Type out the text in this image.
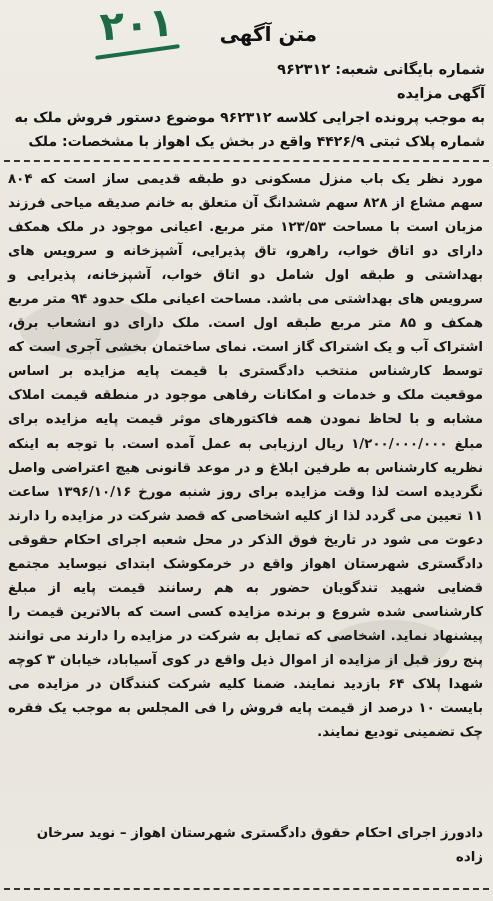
۲۰۱ متن آگهی
شماره بایگانی شعبه: ۹۶۲۳۱۲
آگهی مزایده
به موجب پرونده اجرایی کلاسه ۹۶۲۳۱۲ موضوع دستور فروش ملک به
شماره پلاک ثبتی ۴۴۲۶/۹ واقع در بخش یک اهواز با مشخصات: ملک
مورد نظر یک باب منزل مسکونی دو طبقه قدیمی ساز است که ۸۰۴ سهم مشاع از ۸۲۸ سهم ششدانگ آن متعلق به خانم صدیقه میاحی فرزند مزبان است با مساحت ۱۲۳/۵۳ متر مربع. اعیانی موجود در ملک همکف دارای دو اتاق خواب، راهرو، تاق پذیرایی، آشپزخانه و سرویس های بهداشتی و طبقه اول شامل دو اتاق خواب، آشپزخانه، پذیرایی و سرویس های بهداشتی می باشد. مساحت اعیانی ملک حدود ۹۴ متر مربع همکف و ۸۵ متر مربع طبقه اول است. ملک دارای دو انشعاب برق، اشتراک آب و یک اشتراک گاز است. نمای ساختمان بخشی آجری است که توسط کارشناس منتخب دادگستری با قیمت پایه مزایده بر اساس موقعیت ملک و خدمات و امکانات رفاهی موجود در منطقه قیمت املاک مشابه و با لحاظ نمودن همه فاکتورهای موثر قیمت پایه مزایده برای مبلغ ۱/۲۰۰/۰۰۰/۰۰۰ ریال ارزیابی به عمل آمده است. با توجه به اینکه نظریه کارشناس به طرفین ابلاغ و در موعد قانونی هیچ اعتراضی واصل نگردیده است لذا وقت مزایده برای روز شنبه مورخ ۱۳۹۶/۱۰/۱۶ ساعت ۱۱ تعیین می گردد لذا از کلیه اشخاصی که قصد شرکت در مزایده را دارند دعوت می شود در تاریخ فوق الذکر در محل شعبه اجرای احکام حقوقی دادگستری شهرستان اهواز واقع در خرمکوشک ابتدای نیوساید مجتمع قضایی شهید تندگویان حضور به هم رسانند قیمت پایه از مبلغ کارشناسی شده شروع و برنده مزایده کسی است که بالاترین قیمت را پیشنهاد نماید. اشخاصی که تمایل به شرکت در مزایده را دارند می توانند پنج روز قبل از مزایده از اموال ذیل واقع در کوی آسیاباد، خیابان ۳ کوچه شهدا پلاک ۶۴ بازدید نمایند. ضمنا کلیه شرکت کنندگان در مزایده می بایست ۱۰ درصد از قیمت پایه فروش را فی المجلس به موجب یک فقره چک تضمینی تودیع نمایند.
دادورز اجرای احکام حقوق دادگستری شهرستان اهواز – نوید سرخان زاده
